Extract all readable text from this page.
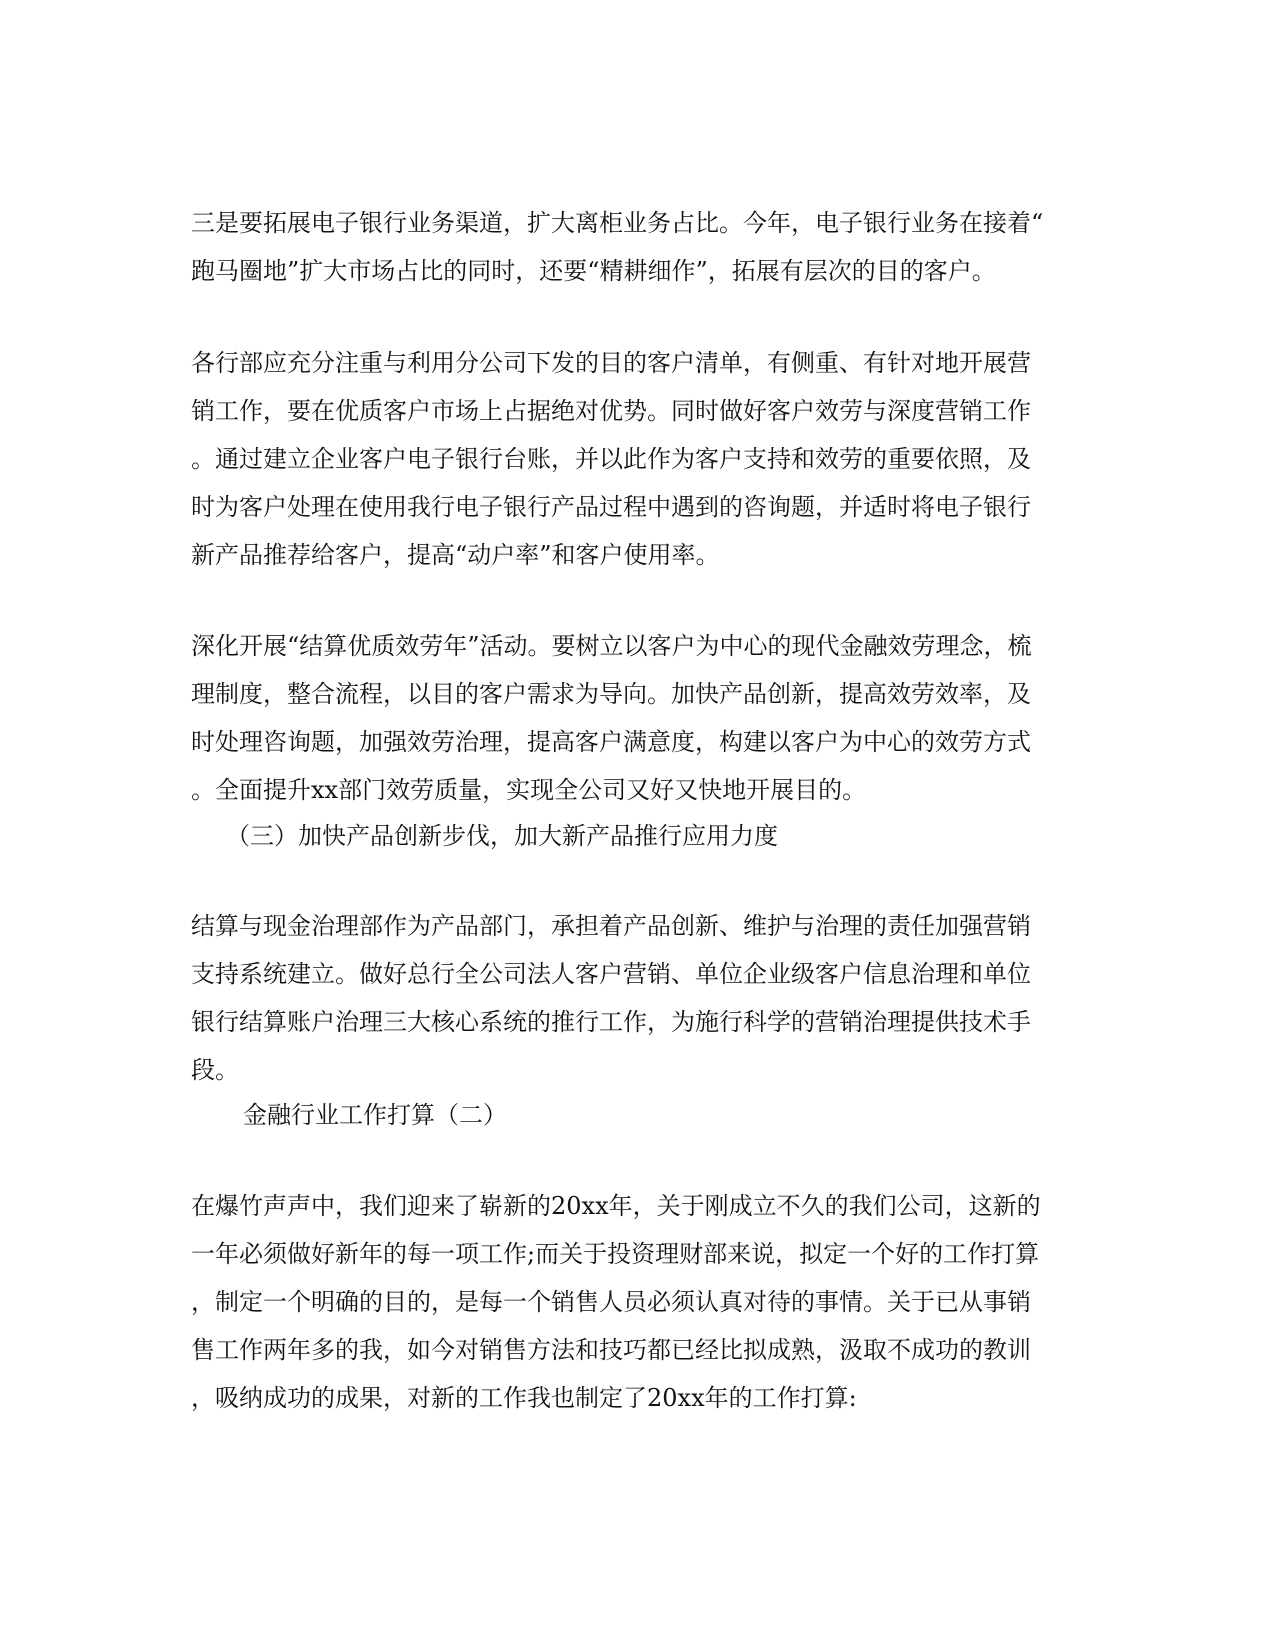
三是要拓展电子银行业务渠道，扩大离柜业务占比。今年，电子银行业务在接着“
跑马圈地”扩大市场占比的同时，还要“精耕细作”，拓展有层次的目的客户。
各行部应充分注重与利用分公司下发的目的客户清单，有侧重、有针对地开展营
销工作，要在优质客户市场上占据绝对优势。同时做好客户效劳与深度营销工作
。通过建立企业客户电子银行台账，并以此作为客户支持和效劳的重要依照，及
时为客户处理在使用我行电子银行产品过程中遇到的咨询题，并适时将电子银行
新产品推荐给客户，提高“动户率”和客户使用率。
深化开展“结算优质效劳年”活动。要树立以客户为中心的现代金融效劳理念，梳
理制度，整合流程，以目的客户需求为导向。加快产品创新，提高效劳效率，及
时处理咨询题，加强效劳治理，提高客户满意度，构建以客户为中心的效劳方式
。全面提升xx部门效劳质量，实现全公司又好又快地开展目的。
（三）加快产品创新步伐，加大新产品推行应用力度
结算与现金治理部作为产品部门，承担着产品创新、维护与治理的责任加强营销
支持系统建立。做好总行全公司法人客户营销、单位企业级客户信息治理和单位
银行结算账户治理三大核心系统的推行工作，为施行科学的营销治理提供技术手
段。
金融行业工作打算（二）
在爆竹声声中，我们迎来了崭新的20xx年，关于刚成立不久的我们公司，这新的
一年必须做好新年的每一项工作;而关于投资理财部来说，拟定一个好的工作打算
，制定一个明确的目的，是每一个销售人员必须认真对待的事情。关于已从事销
售工作两年多的我，如今对销售方法和技巧都已经比拟成熟，汲取不成功的教训
，吸纳成功的成果，对新的工作我也制定了20xx年的工作打算:
